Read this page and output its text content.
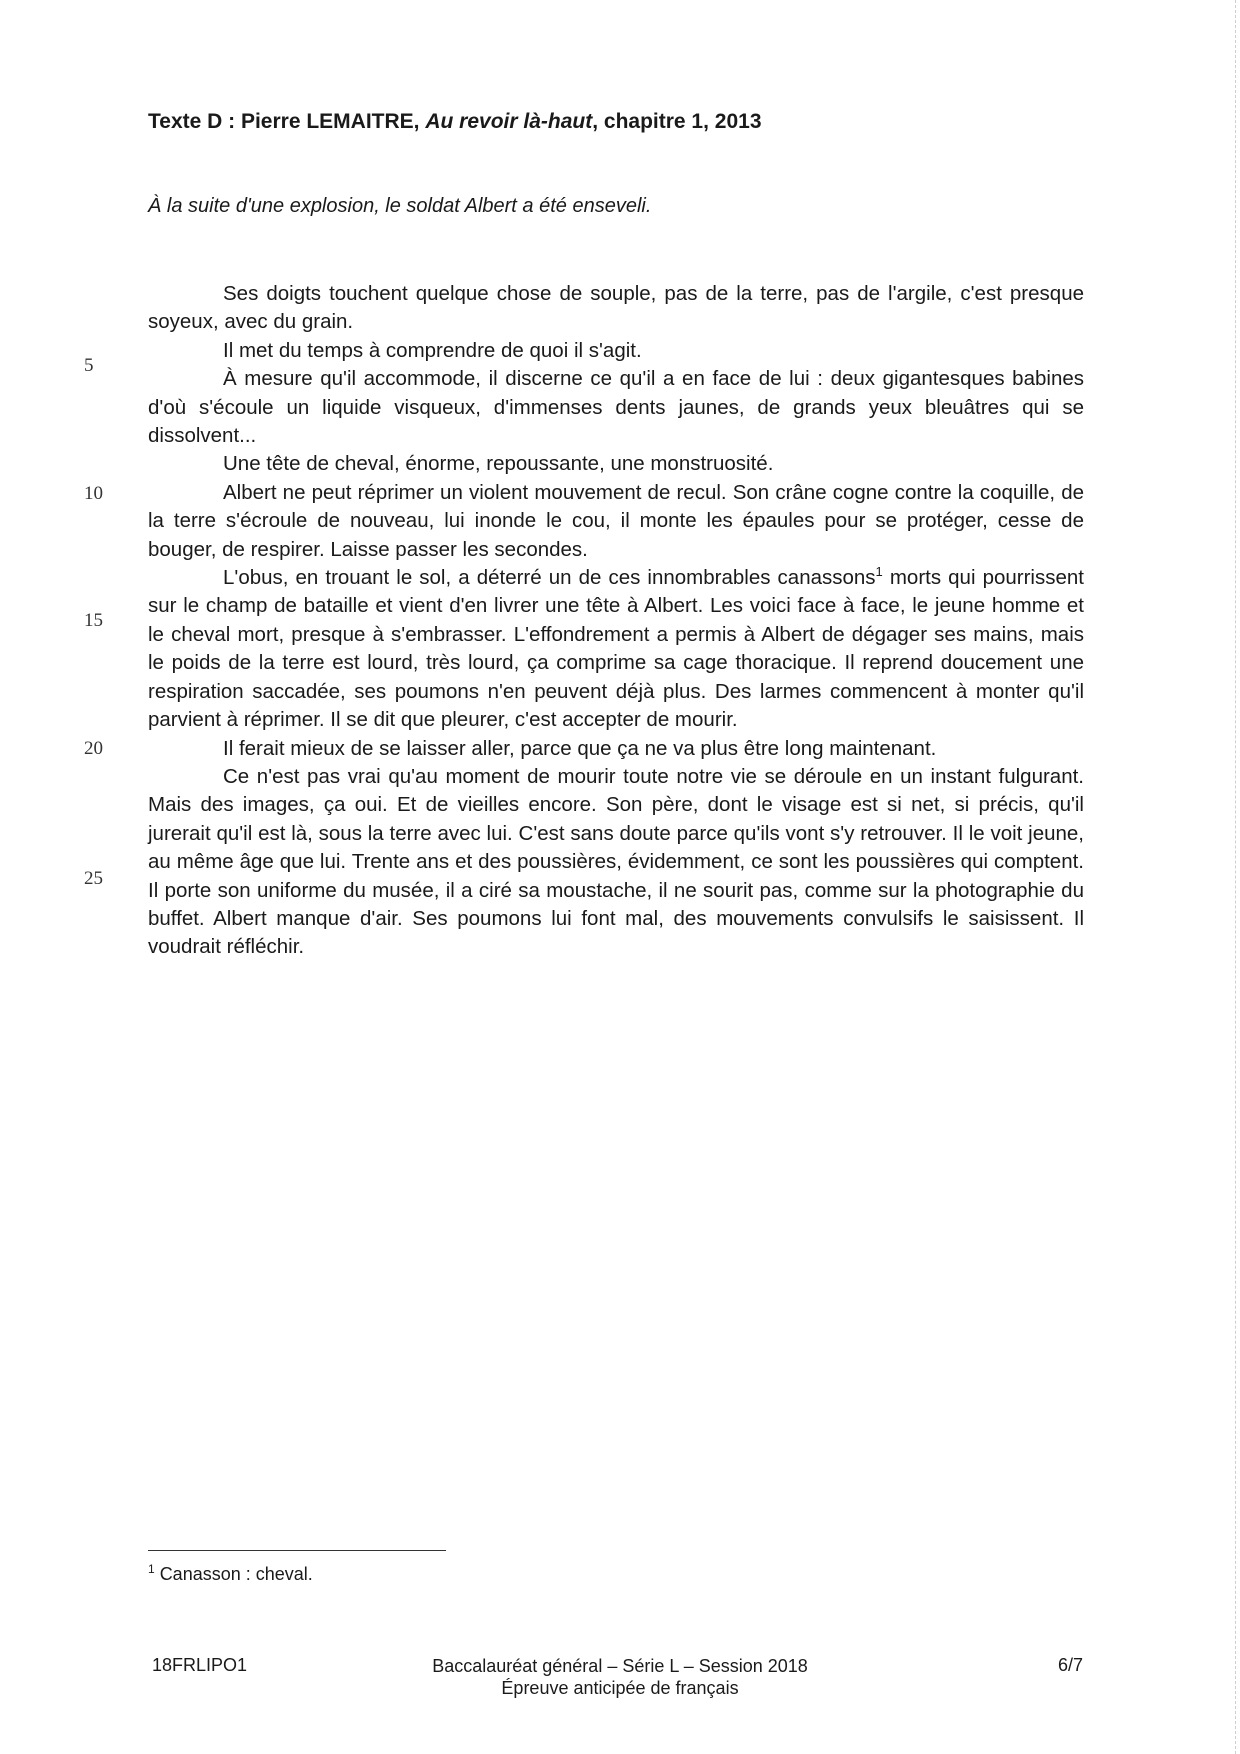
Texte D : Pierre LEMAITRE, Au revoir là-haut, chapitre 1, 2013
À la suite d'une explosion, le soldat Albert a été enseveli.

Ses doigts touchent quelque chose de souple, pas de la terre, pas de l'argile, c'est presque soyeux, avec du grain.

Il met du temps à comprendre de quoi il s'agit.

À mesure qu'il accommode, il discerne ce qu'il a en face de lui : deux gigantesques babines d'où s'écoule un liquide visqueux, d'immenses dents jaunes, de grands yeux bleuâtres qui se dissolvent...

Une tête de cheval, énorme, repoussante, une monstruosité.

Albert ne peut réprimer un violent mouvement de recul. Son crâne cogne contre la coquille, de la terre s'écroule de nouveau, lui inonde le cou, il monte les épaules pour se protéger, cesse de bouger, de respirer. Laisse passer les secondes.

L'obus, en trouant le sol, a déterré un de ces innombrables canassons$^1$ morts qui pourrissent sur le champ de bataille et vient d'en livrer une tête à Albert. Les voici face à face, le jeune homme et le cheval mort, presque à s'embrasser. L'effondrement a permis à Albert de dégager ses mains, mais le poids de la terre est lourd, très lourd, ça comprime sa cage thoracique. Il reprend doucement une respiration saccadée, ses poumons n'en peuvent déjà plus. Des larmes commencent à monter qu'il parvient à réprimer. Il se dit que pleurer, c'est accepter de mourir.

Il ferait mieux de se laisser aller, parce que ça ne va plus être long maintenant.

Ce n'est pas vrai qu'au moment de mourir toute notre vie se déroule en un instant fulgurant. Mais des images, ça oui. Et de vieilles encore. Son père, dont le visage est si net, si précis, qu'il jurerait qu'il est là, sous la terre avec lui. C'est sans doute parce qu'ils vont s'y retrouver. Il le voit jeune, au même âge que lui. Trente ans et des poussières, évidemment, ce sont les poussières qui comptent. Il porte son uniforme du musée, il a ciré sa moustache, il ne sourit pas, comme sur la photographie du buffet. Albert manque d'air. Ses poumons lui font mal, des mouvements convulsifs le saisissent. Il voudrait réfléchir.

5
10
15
20
25
$^1$ Canasson : cheval.
18FRLIPO1	Baccalauréat général – Série L – Session 2018
Épreuve anticipée de français
6/7
